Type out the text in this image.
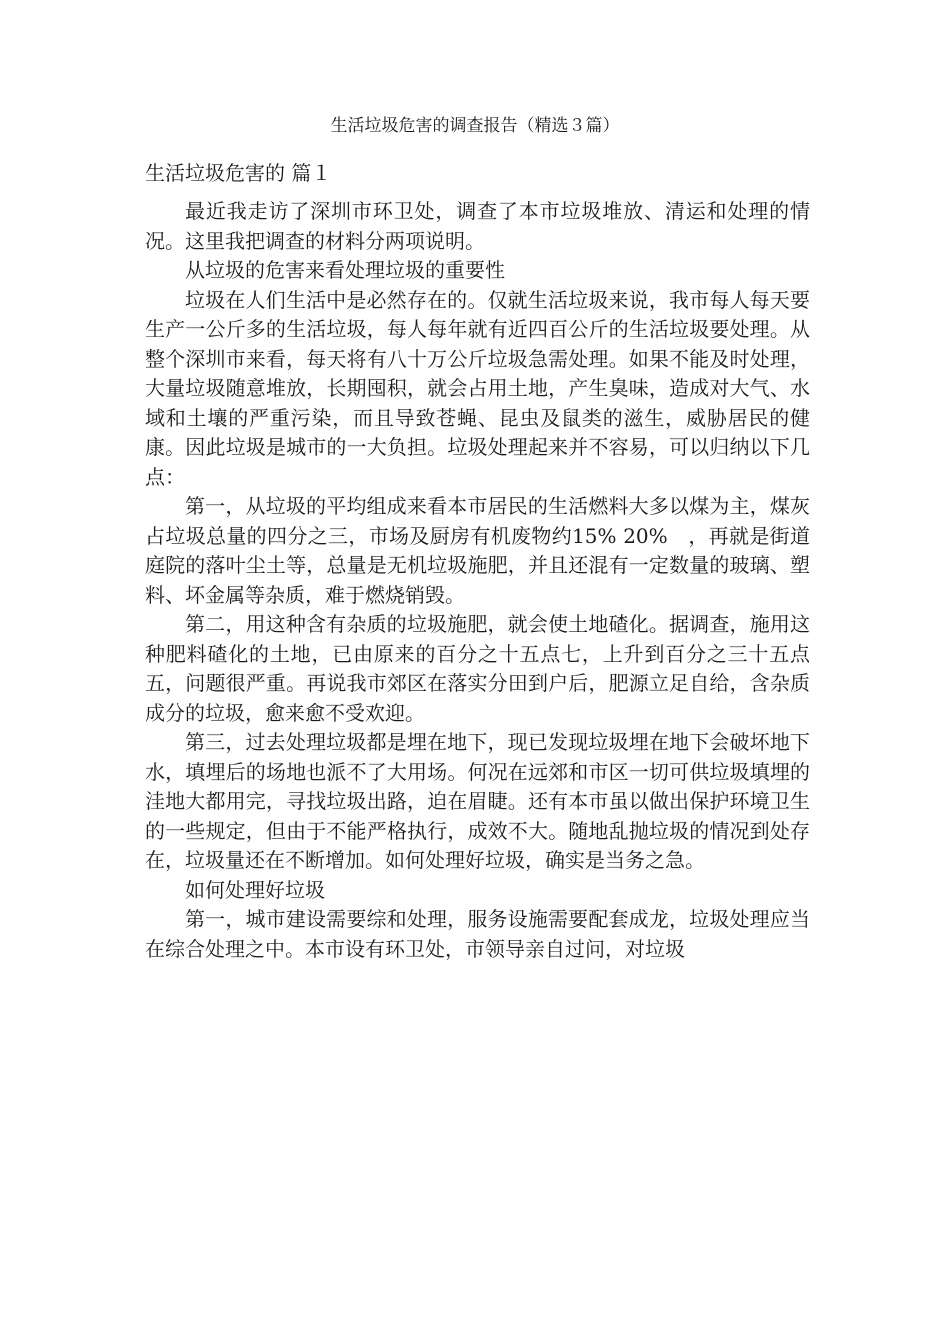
生活垃圾危害的调查报告（精选３篇）
生活垃圾危害的 篇１

最近我走访了深圳市环卫处，调查了本市垃圾堆放、清运和处理的情况。这里我把调查的材料分两项说明。

从垃圾的危害来看处理垃圾的重要性

垃圾在人们生活中是必然存在的。仅就生活垃圾来说，我市每人每天要生产一公斤多的生活垃圾，每人每年就有近四百公斤的生活垃圾要处理。从整个深圳市来看，每天将有八十万公斤垃圾急需处理。如果不能及时处理，大量垃圾随意堆放，长期囤积，就会占用土地，产生臭味，造成对大气、水域和土壤的严重污染，而且导致苍蝇、昆虫及鼠类的滋生，威胁居民的健康。因此垃圾是城市的一大负担。垃圾处理起来并不容易，可以归纳以下几点：

第一，从垃圾的平均组成来看本市居民的生活燃料大多以煤为主，煤灰占垃圾总量的四分之三，市场及厨房有机废物约15% 20%　，再就是街道庭院的落叶尘土等，总量是无机垃圾施肥，并且还混有一定数量的玻璃、塑料、坏金属等杂质，难于燃烧销毁。

第二，用这种含有杂质的垃圾施肥，就会使土地碴化。据调查，施用这种肥料碴化的土地，已由原来的百分之十五点七，上升到百分之三十五点五，问题很严重。再说我市郊区在落实分田到户后，肥源立足自给，含杂质成分的垃圾，愈来愈不受欢迎。

第三，过去处理垃圾都是埋在地下，现已发现垃圾埋在地下会破坏地下水，填埋后的场地也派不了大用场。何况在远郊和市区一切可供垃圾填埋的洼地大都用完，寻找垃圾出路，迫在眉睫。还有本市虽以做出保护环境卫生的一些规定，但由于不能严格执行，成效不大。随地乱抛垃圾的情况到处存在，垃圾量还在不断增加。如何处理好垃圾，确实是当务之急。

如何处理好垃圾

第一，城市建设需要综和处理，服务设施需要配套成龙，垃圾处理应当在综合处理之中。本市设有环卫处，市领导亲自过问，对垃圾
